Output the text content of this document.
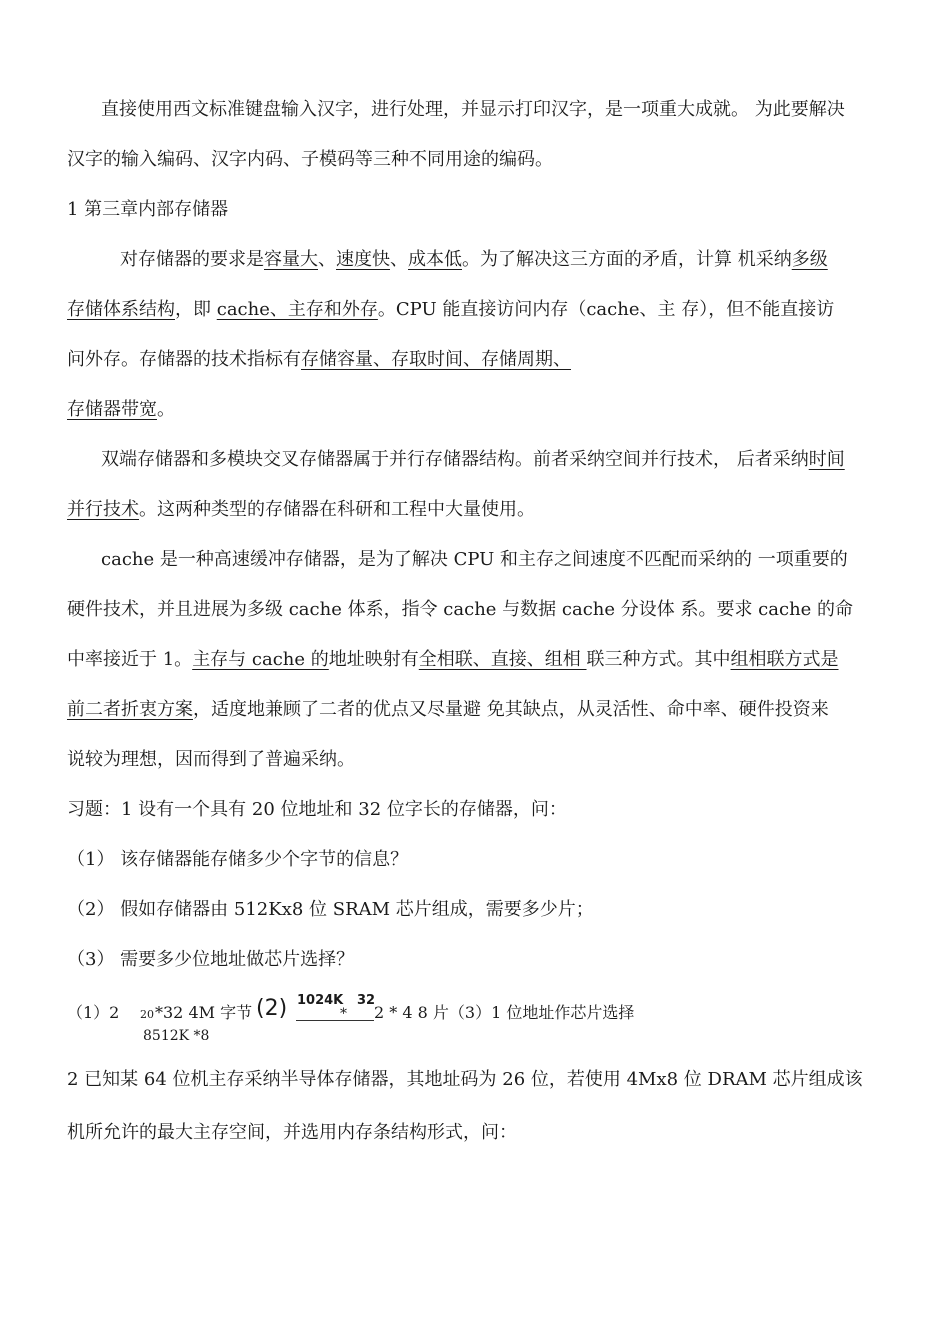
直接使用西文标准键盘输入汉字，进行处理，并显示打印汉字，是一项重大成就。 为此要解决
汉字的输入编码、汉字内码、子模码等三种不同用途的编码。
1 第三章内部存储器
对存储器的要求是容量大、速度快、成本低。为了解决这三方面的矛盾，计算 机采纳多级
存储体系结构，即 cache、主存和外存。CPU 能直接访问内存（cache、主 存），但不能直接访
问外存。存储器的技术指标有存储容量、存取时间、存储周期、
存储器带宽。
双端存储器和多模块交叉存储器属于并行存储器结构。前者采纳空间并行技术， 后者采纳时间
并行技术。这两种类型的存储器在科研和工程中大量使用。
cache 是一种高速缓冲存储器，是为了解决 CPU 和主存之间速度不匹配而采纳的 一项重要的
硬件技术，并且进展为多级 cache 体系，指令 cache 与数据 cache 分设体 系。要求 cache 的命
中率接近于 1。主存与 cache 的地址映射有全相联、直接、组相 联三种方式。其中组相联方式是
前二者折衷方案，适度地兼顾了二者的优点又尽量避 免其缺点，从灵活性、命中率、硬件投资来
说较为理想，因而得到了普遍采纳。
习题：1 设有一个具有 20 位地址和 32 位字长的存储器，问：
（1） 该存储器能存储多少个字节的信息？
（2） 假如存储器由 512Kx8 位 SRAM 芯片组成，需要多少片；
（3） 需要多少位地址做芯片选择？
（1）2 20 *32 4M 字节 (2) 1024K
*
32
2 * 4 8 片（3）1 位地址作芯片选择
8512K *8
2 已知某 64 位机主存采纳半导体存储器，其地址码为 26 位，若使用 4Mx8 位 DRAM 芯片组成该
机所允许的最大主存空间，并选用内存条结构形式，问：
